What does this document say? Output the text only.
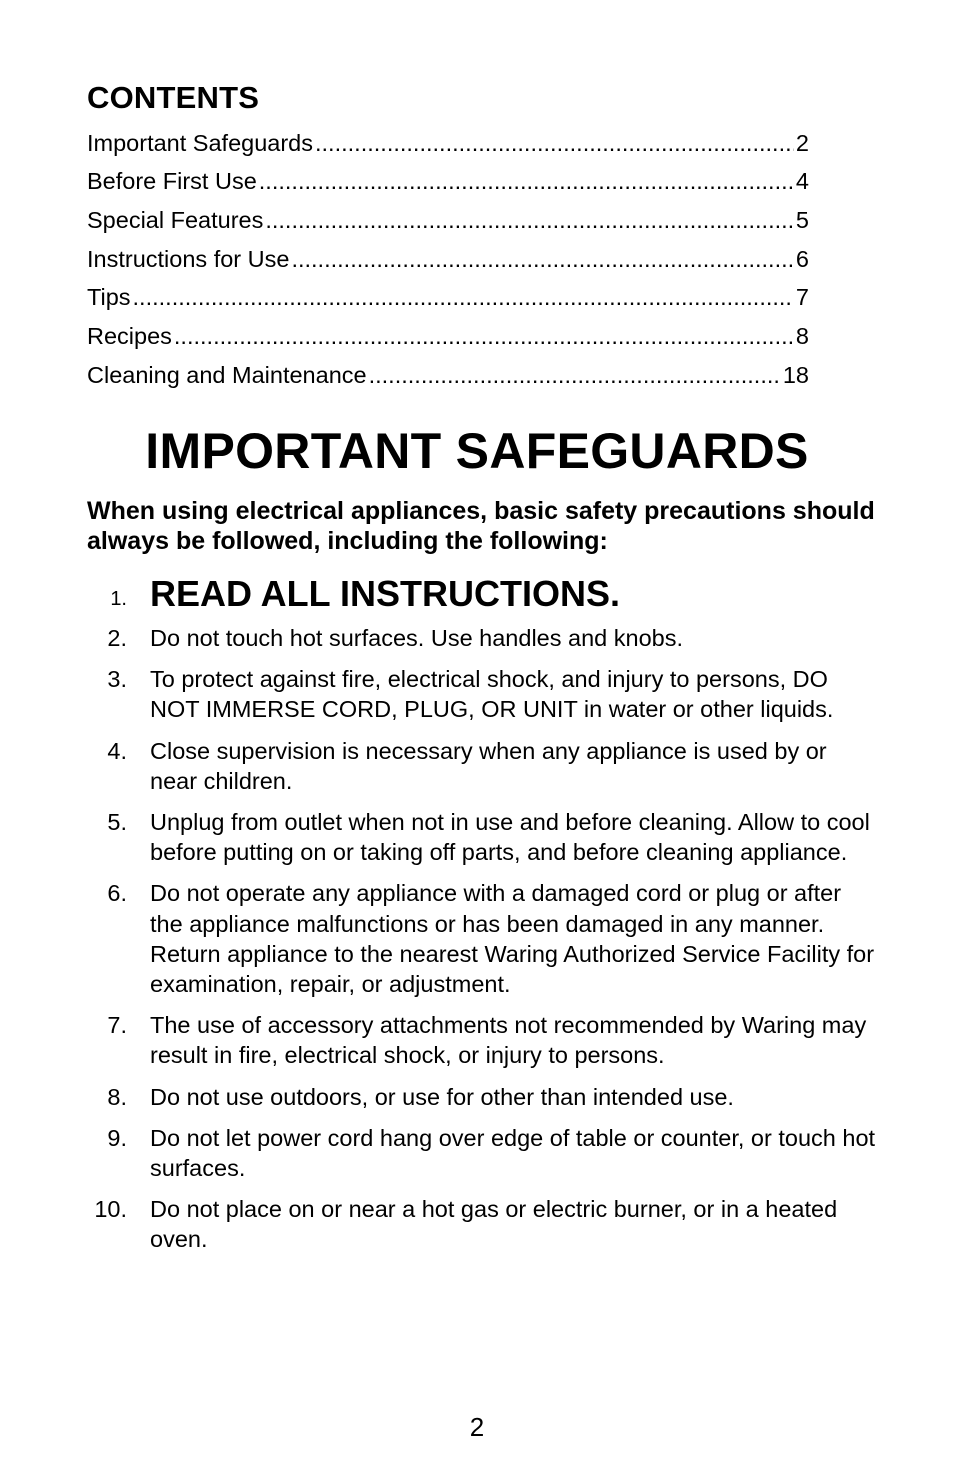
CONTENTS
Important Safeguards .....	2
Before First Use .....	4
Special Features .....	5
Instructions for Use .....	6
Tips .....	7
Recipes .....	8
Cleaning and Maintenance .....	18
IMPORTANT SAFEGUARDS
When using electrical appliances, basic safety precautions should always be followed, including the following:
1. READ ALL INSTRUCTIONS.
2. Do not touch hot surfaces. Use handles and knobs.
3. To protect against fire, electrical shock, and injury to persons, DO NOT IMMERSE CORD, PLUG, OR UNIT in water or other liquids.
4. Close supervision is necessary when any appliance is used by or near children.
5. Unplug from outlet when not in use and before cleaning. Allow to cool before putting on or taking off parts, and before cleaning appliance.
6. Do not operate any appliance with a damaged cord or plug or after the appliance malfunctions or has been damaged in any manner. Return appliance to the nearest Waring Authorized Service Facility for examination, repair, or adjustment.
7. The use of accessory attachments not recommended by Waring may result in fire, electrical shock, or injury to persons.
8. Do not use outdoors, or use for other than intended use.
9. Do not let power cord hang over edge of table or counter, or touch hot surfaces.
10. Do not place on or near a hot gas or electric burner, or in a heated oven.
2
